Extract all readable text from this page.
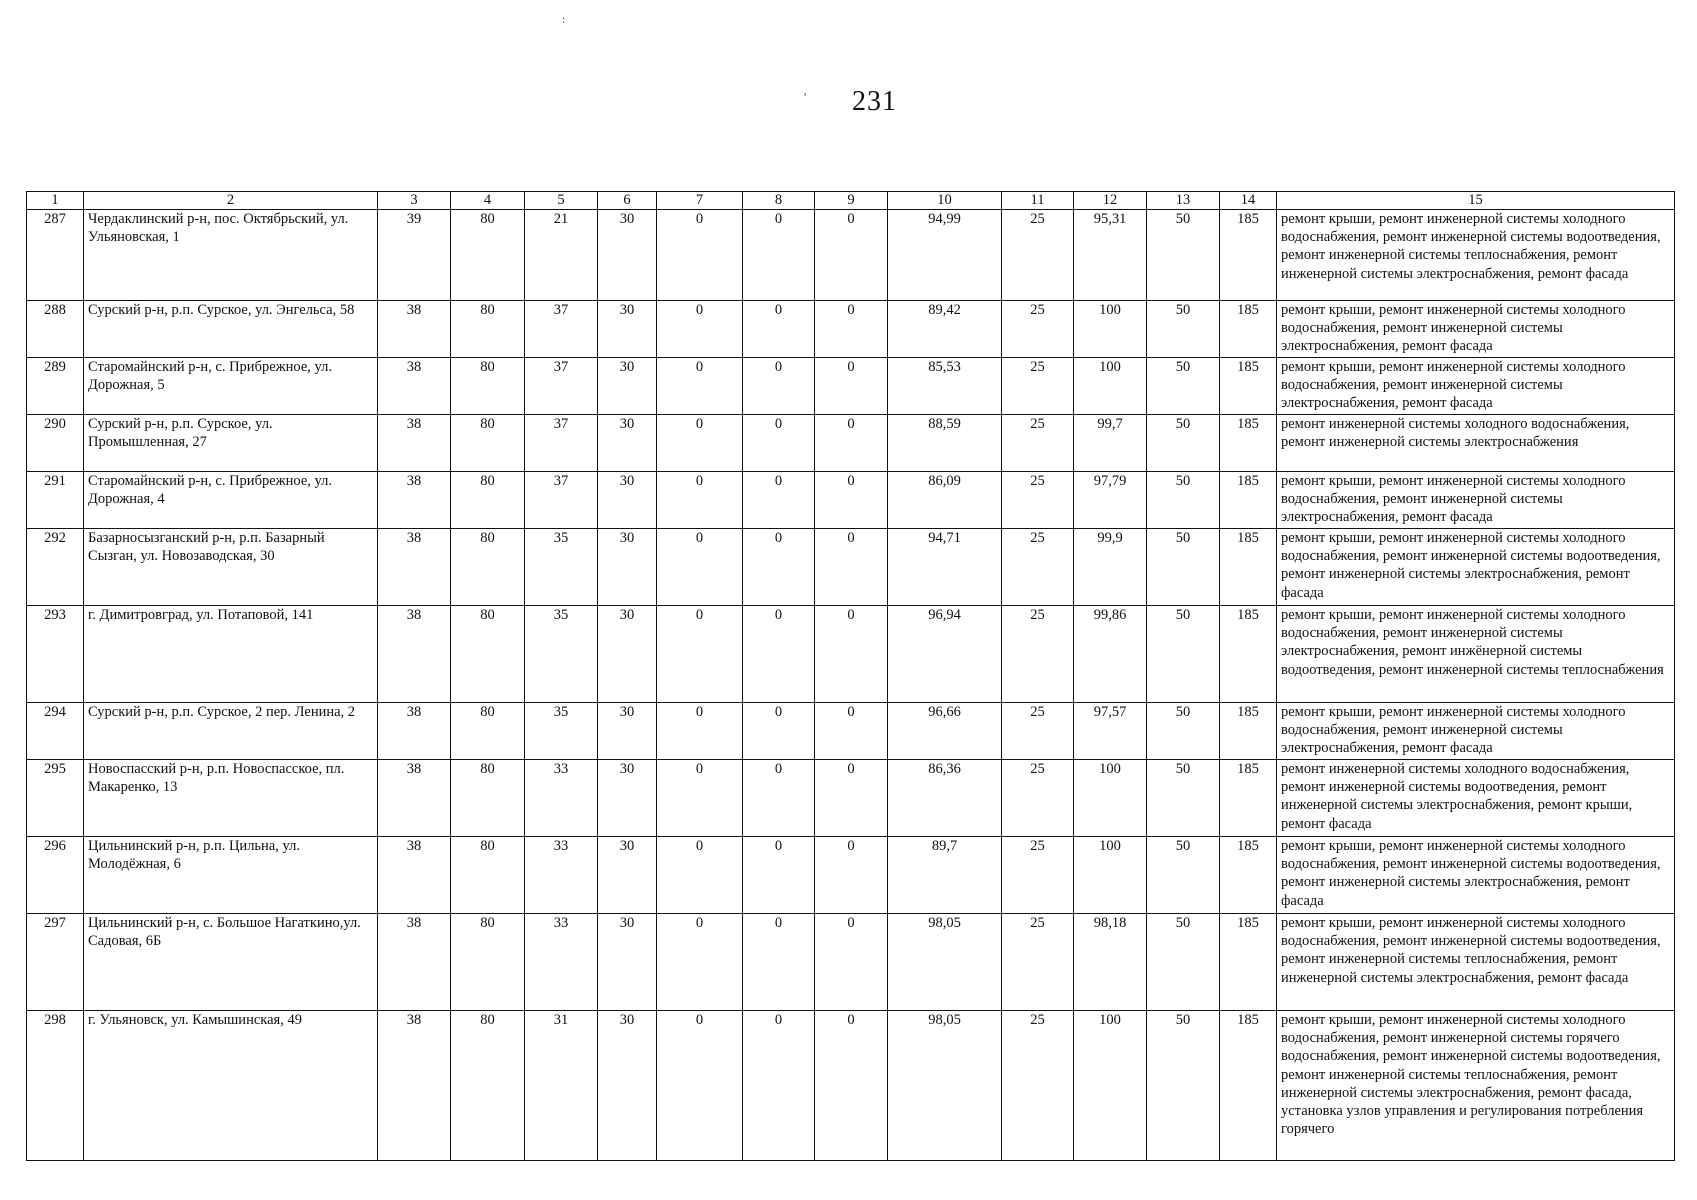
:
ʹ 231
1	2	3	4	5	6	7	8	9	10	11	12	13	14	15
287	Чердаклинский р-н, пос. Октябрьский, ул. Ульяновская, 1	39	80	21	30	0	0	0	94,99	25	95,31	50	185	ремонт крыши, ремонт инженерной системы холодного водоснабжения, ремонт инженерной системы водоотведения, ремонт инженерной системы теплоснабжения, ремонт инженерной системы электроснабжения, ремонт фасада
288	Сурский р-н, р.п. Сурское, ул. Энгельса, 58	38	80	37	30	0	0	0	89,42	25	100	50	185	ремонт крыши, ремонт инженерной системы холодного водоснабжения, ремонт инженерной системы электроснабжения, ремонт фасада
289	Старомайнский р-н, с. Прибрежное, ул. Дорожная, 5	38	80	37	30	0	0	0	85,53	25	100	50	185	ремонт крыши, ремонт инженерной системы холодного водоснабжения, ремонт инженерной системы электроснабжения, ремонт фасада
290	Сурский р-н, р.п. Сурское, ул. Промышленная, 27	38	80	37	30	0	0	0	88,59	25	99,7	50	185	ремонт инженерной системы холодного водоснабжения, ремонт инженерной системы электроснабжения
291	Старомайнский р-н, с. Прибрежное, ул. Дорожная, 4	38	80	37	30	0	0	0	86,09	25	97,79	50	185	ремонт крыши, ремонт инженерной системы холодного водоснабжения, ремонт инженерной системы электроснабжения, ремонт фасада
292	Базарносызганский р-н, р.п. Базарный Сызган, ул. Новозаводская, 30	38	80	35	30	0	0	0	94,71	25	99,9	50	185	ремонт крыши, ремонт инженерной системы холодного водоснабжения, ремонт инженерной системы водоотведения, ремонт инженерной системы электроснабжения, ремонт фасада
293	г. Димитровград, ул. Потаповой, 141	38	80	35	30	0	0	0	96,94	25	99,86	50	185	ремонт крыши, ремонт инженерной системы холодного водоснабжения, ремонт инженерной системы электроснабжения, ремонт инжёнерной системы водоотведения, ремонт инженерной системы теплоснабжения
294	Сурский р-н, р.п. Сурское, 2 пер. Ленина, 2	38	80	35	30	0	0	0	96,66	25	97,57	50	185	ремонт крыши, ремонт инженерной системы холодного водоснабжения, ремонт инженерной системы электроснабжения, ремонт фасада
295	Новоспасский р-н, р.п. Новоспасское, пл. Макаренко, 13	38	80	33	30	0	0	0	86,36	25	100	50	185	ремонт инженерной системы холодного водоснабжения, ремонт инженерной системы водоотведения, ремонт инженерной системы электроснабжения, ремонт крыши, ремонт фасада
296	Цильнинский р-н, р.п. Цильна, ул. Молодёжная, 6	38	80	33	30	0	0	0	89,7	25	100	50	185	ремонт крыши, ремонт инженерной системы холодного водоснабжения, ремонт инженерной системы водоотведения, ремонт инженерной системы электроснабжения, ремонт фасада
297	Цильнинский р-н, с. Большое Нагаткино,ул. Садовая, 6Б	38	80	33	30	0	0	0	98,05	25	98,18	50	185	ремонт крыши, ремонт инженерной системы холодного водоснабжения, ремонт инженерной системы водоотведения, ремонт инженерной системы теплоснабжения, ремонт инженерной системы электроснабжения, ремонт фасада
298	г. Ульяновск, ул. Камышинская, 49	38	80	31	30	0	0	0	98,05	25	100	50	185	ремонт крыши, ремонт инженерной системы холодного водоснабжения, ремонт инженерной системы горячего водоснабжения, ремонт инженерной системы водоотведения, ремонт инженерной системы теплоснабжения, ремонт инженерной системы электроснабжения, ремонт фасада, установка узлов управления и регулирования потребления горячего
